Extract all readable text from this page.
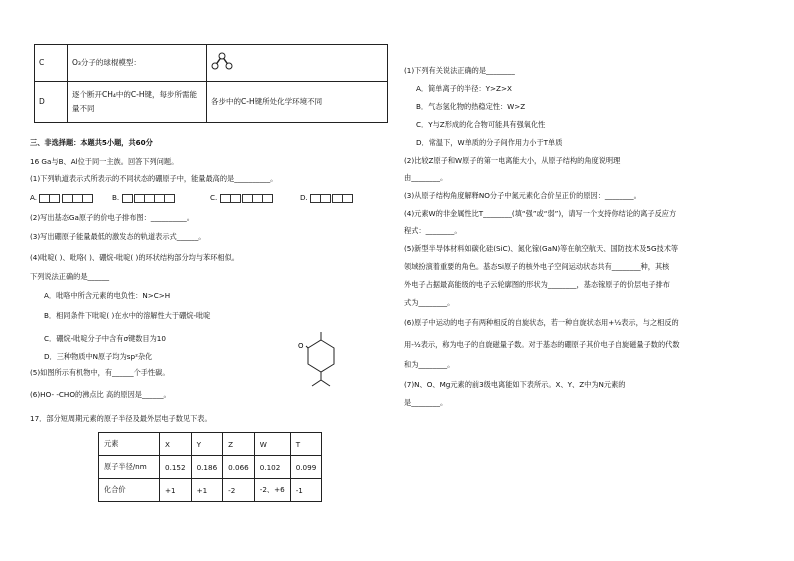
C	O₃分子的球棍模型：	
D	逐个断开CH₄中的C-H键，每步所需能量不同	各步中的C-H键所处化学环境不同
三、非选择题：本题共5小题，共60分
16 Ga与B、Al位于同一主族。回答下列问题。
(1)下列轨道表示式所表示的不同状态的硼原子中，能量最高的是__________。
A.	B.	C.	D.
(2)写出基态Ga原子的价电子排布图：__________。
(3)写出硼原子能量最低的激发态的轨道表示式______。
(4)吡啶( )、吡咯( )、硼烷-吡啶( )的环状结构部分均与苯环相似。
下列说法正确的是______
A．吡咯中所含元素的电负性：N>C>H
B．相同条件下吡啶( )在水中的溶解性大于硼烷-吡啶
C．硼烷-吡啶分子中含有σ键数目为10
D．三种物质中N原子均为sp²杂化
(5)如图所示有机物中，有______个手性碳。
(6)HO- -CHO的沸点比 高的原因是______。
17．部分短周期元素的原子半径及最外层电子数见下表。
O
元素	X	Y	Z	W	T
原子半径/nm	0.152	0.186	0.066	0.102	0.099
化合价	+1	+1	-2	-2、+6	-1
(1)下列有关说法正确的是________
A．简单离子的半径：Y>Z>X
B．气态氢化物的热稳定性：W>Z
C．Y与Z形成的化合物可能具有强氧化性
D．常温下，W单质的分子间作用力小于T单质
(2)比较Z原子和W原子的第一电离能大小，从原子结构的角度说明理
由________。
(3)从原子结构角度解释NO分子中氮元素化合价呈正价的原因：________。
(4)元素W的非金属性比T________(填“强”或“弱”)，请写一个支持你结论的离子反应方
程式：________。
(5)新型半导体材料如碳化硅(SiC)、氮化镓(GaN)等在航空航天、国防技术及5G技术等
领域扮演着重要的角色。基态Si原子的核外电子空间运动状态共有________种，其核
外电子占据最高能级的电子云轮廓图的形状为________，基态镓原子的价层电子排布
式为________。
(6)原子中运动的电子有两种相反的自旋状态，若一种自旋状态用+½表示，与之相反的
用-½表示，称为电子的自旋磁量子数。对于基态的硼原子其价电子自旋磁量子数的代数
和为________。
(7)N、O、Mg元素的前3级电离能如下表所示。X、Y、Z中为N元素的
是________。
